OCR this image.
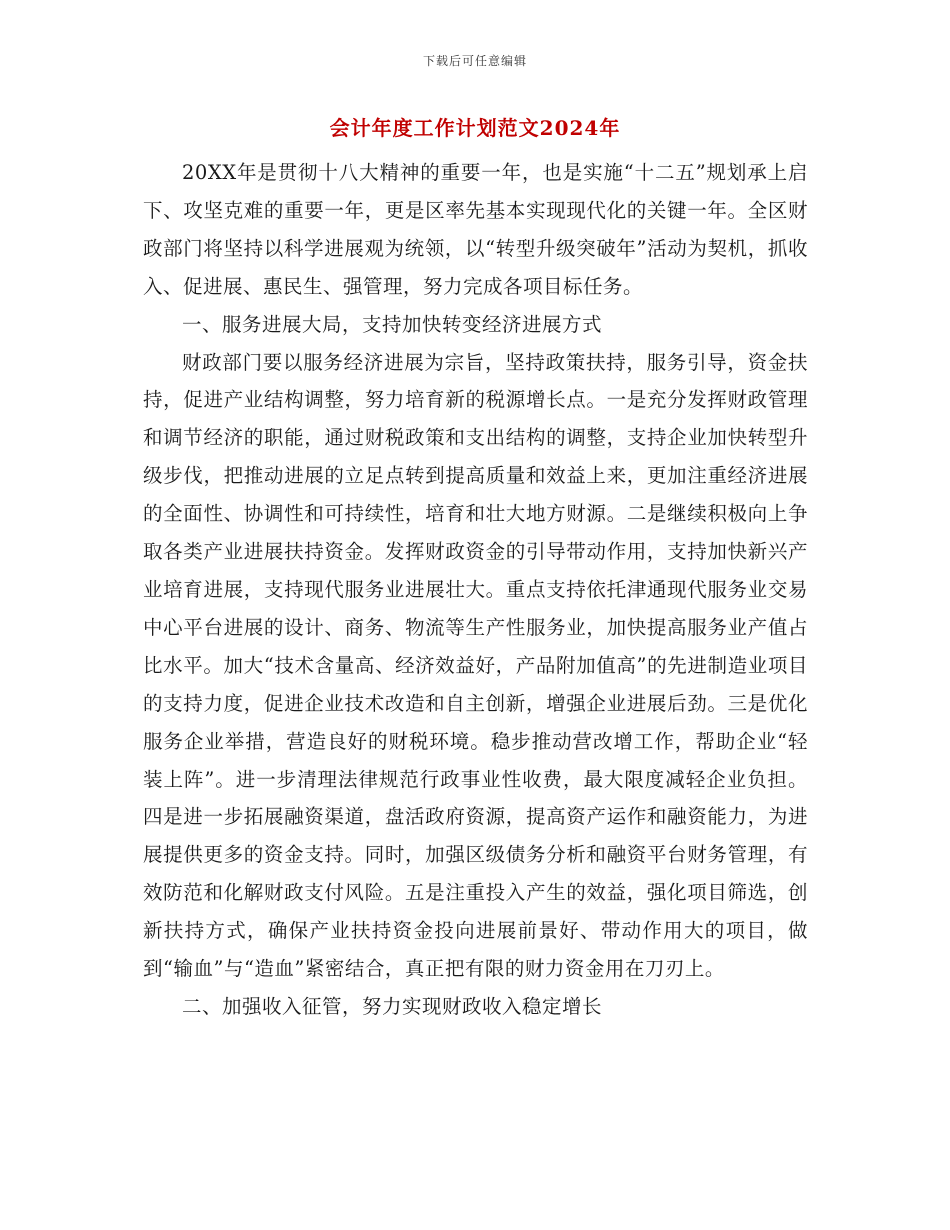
下载后可任意编辑
会计年度工作计划范文2024年

20XX年是贯彻十八大精神的重要一年，也是实施“十二五”规划承上启下、攻坚克难的重要一年，更是区率先基本实现现代化的关键一年。全区财政部门将坚持以科学进展观为统领，以“转型升级突破年”活动为契机，抓收入、促进展、惠民生、强管理，努力完成各项目标任务。

一、服务进展大局，支持加快转变经济进展方式

财政部门要以服务经济进展为宗旨，坚持政策扶持，服务引导，资金扶持，促进产业结构调整，努力培育新的税源增长点。一是充分发挥财政管理和调节经济的职能，通过财税政策和支出结构的调整，支持企业加快转型升级步伐，把推动进展的立足点转到提高质量和效益上来，更加注重经济进展的全面性、协调性和可持续性，培育和壮大地方财源。二是继续积极向上争取各类产业进展扶持资金。发挥财政资金的引导带动作用，支持加快新兴产业培育进展，支持现代服务业进展壮大。重点支持依托津通现代服务业交易中心平台进展的设计、商务、物流等生产性服务业，加快提高服务业产值占比水平。加大“技术含量高、经济效益好，产品附加值高”的先进制造业项目的支持力度，促进企业技术改造和自主创新，增强企业进展后劲。三是优化服务企业举措，营造良好的财税环境。稳步推动营改增工作，帮助企业“轻装上阵”。进一步清理法律规范行政事业性收费，最大限度减轻企业负担。四是进一步拓展融资渠道，盘活政府资源，提高资产运作和融资能力，为进展提供更多的资金支持。同时，加强区级债务分析和融资平台财务管理，有效防范和化解财政支付风险。五是注重投入产生的效益，强化项目筛选，创新扶持方式，确保产业扶持资金投向进展前景好、带动作用大的项目，做到“输血”与“造血”紧密结合，真正把有限的财力资金用在刀刃上。

二、加强收入征管，努力实现财政收入稳定增长
